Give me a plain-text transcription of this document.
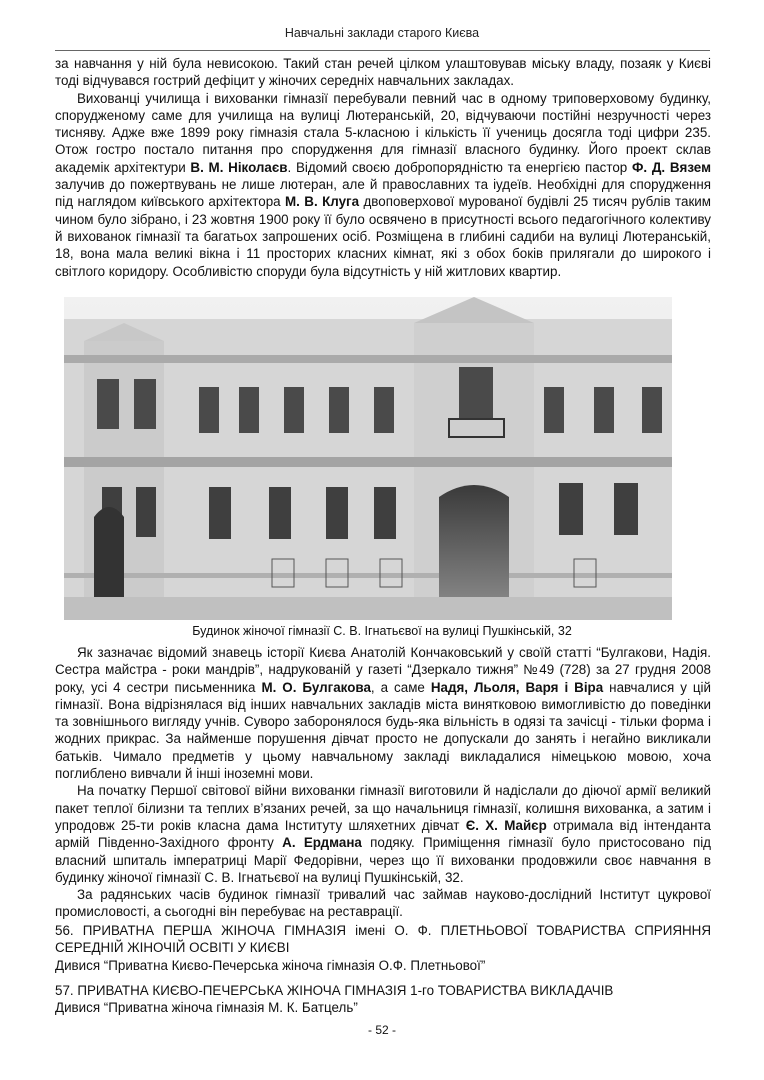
Навчальні заклади старого Києва

за навчання у ній була невисокою. Такий стан речей цілком улаштовував міську владу, позаяк у Києві тоді відчувався гострий дефіцит у жіночих середніх навчальних закладах.

Вихованці училища і вихованки гімназії перебували певний час в одному триповерховому будинку, спорудженому саме для училища на вулиці Лютеранській, 20, відчуваючи постійні незручності через тисняву. Адже вже 1899 року гімназія стала 5-класною і кількість її учениць досягла тоді цифри 235. Отож гостро постало питання про спорудження для гімназії власного будинку. Його проект склав академік архітектури В. М. Ніколаєв. Відомий своєю добропорядністю та енергією пастор Ф. Д. Вязем залучив до пожертвувань не лише лютеран, але й православних та іудеїв. Необхідні для спорудження під наглядом київського архітектора М. В. Клуга двоповерхової мурованої будівлі 25 тисяч рублів таким чином було зібрано, і 23 жовтня 1900 року її було освячено в присутності всього педагогічного колективу й вихованок гімназії та багатьох запрошених осіб. Розміщена в глибині садиби на вулиці Лютеранській, 18, вона мала великі вікна і 11 просторих класних кімнат, які з обох боків прилягали до широкого і світлого коридору. Особливістю споруди була відсутність у ній житлових квартир.

Будинок жіночої гімназії С. В. Ігнатьєвої на вулиці Пушкінській, 32

Як зазначає відомий знавець історії Києва Анатолій Кончаковський у своїй статті “Булгакови, Надія. Сестра майстра - роки мандрів”, надрукованій у газеті “Дзеркало тижня” №49 (728) за 27 грудня 2008 року, усі 4 сестри письменника М. О. Булгакова, а саме Надя, Льоля, Варя і Віра навчалися у цій гімназії. Вона відрізнялася від інших навчальних закладів міста винятковою вимогливістю до поведінки та зовнішнього вигляду учнів. Суворо заборонялося будь-яка вільність в одязі та зачісці - тільки форма і жодних прикрас. За найменше порушення дівчат просто не допускали до занять і негайно викликали батьків. Чимало предметів у цьому навчальному закладі викладалися німецькою мовою, хоча поглиблено вивчали й інші іноземні мови.

На початку Першої світової війни вихованки гімназії виготовили й надіслали до діючої армії великий пакет теплої білизни та теплих в’язаних речей, за що начальниця гімназії, колишня вихованка, а затим і упродовж 25-ти років класна дама Інституту шляхетних дівчат Є. Х. Майєр отримала від інтенданта армій Південно-Західного фронту А. Ердмана подяку. Приміщення гімназії було пристосовано під власний шпиталь імператриці Марії Федорівни, через що її вихованки продовжили своє навчання в будинку жіночої гімназії С. В. Ігнатьєвої на вулиці Пушкінській, 32.

За радянських часів будинок гімназії тривалий час займав науково-дослідний Інститут цукрової промисловості, а сьогодні він перебуває на реставрації.

56. ПРИВАТНА ПЕРША ЖІНОЧА ГІМНАЗІЯ імені О. Ф. ПЛЕТНЬОВОЇ ТОВАРИСТВА СПРИЯННЯ СЕРЕДНІЙ ЖІНОЧІЙ ОСВІТІ У КИЄВІ

Дивися “Приватна Києво-Печерська жіноча гімназія О.Ф. Плетньової”

57. ПРИВАТНА КИЄВО-ПЕЧЕРСЬКА ЖІНОЧА ГІМНАЗІЯ 1-го ТОВАРИСТВА ВИКЛАДАЧІВ

Дивися “Приватна жіноча гімназія М. К. Батцель”

- 52 -
